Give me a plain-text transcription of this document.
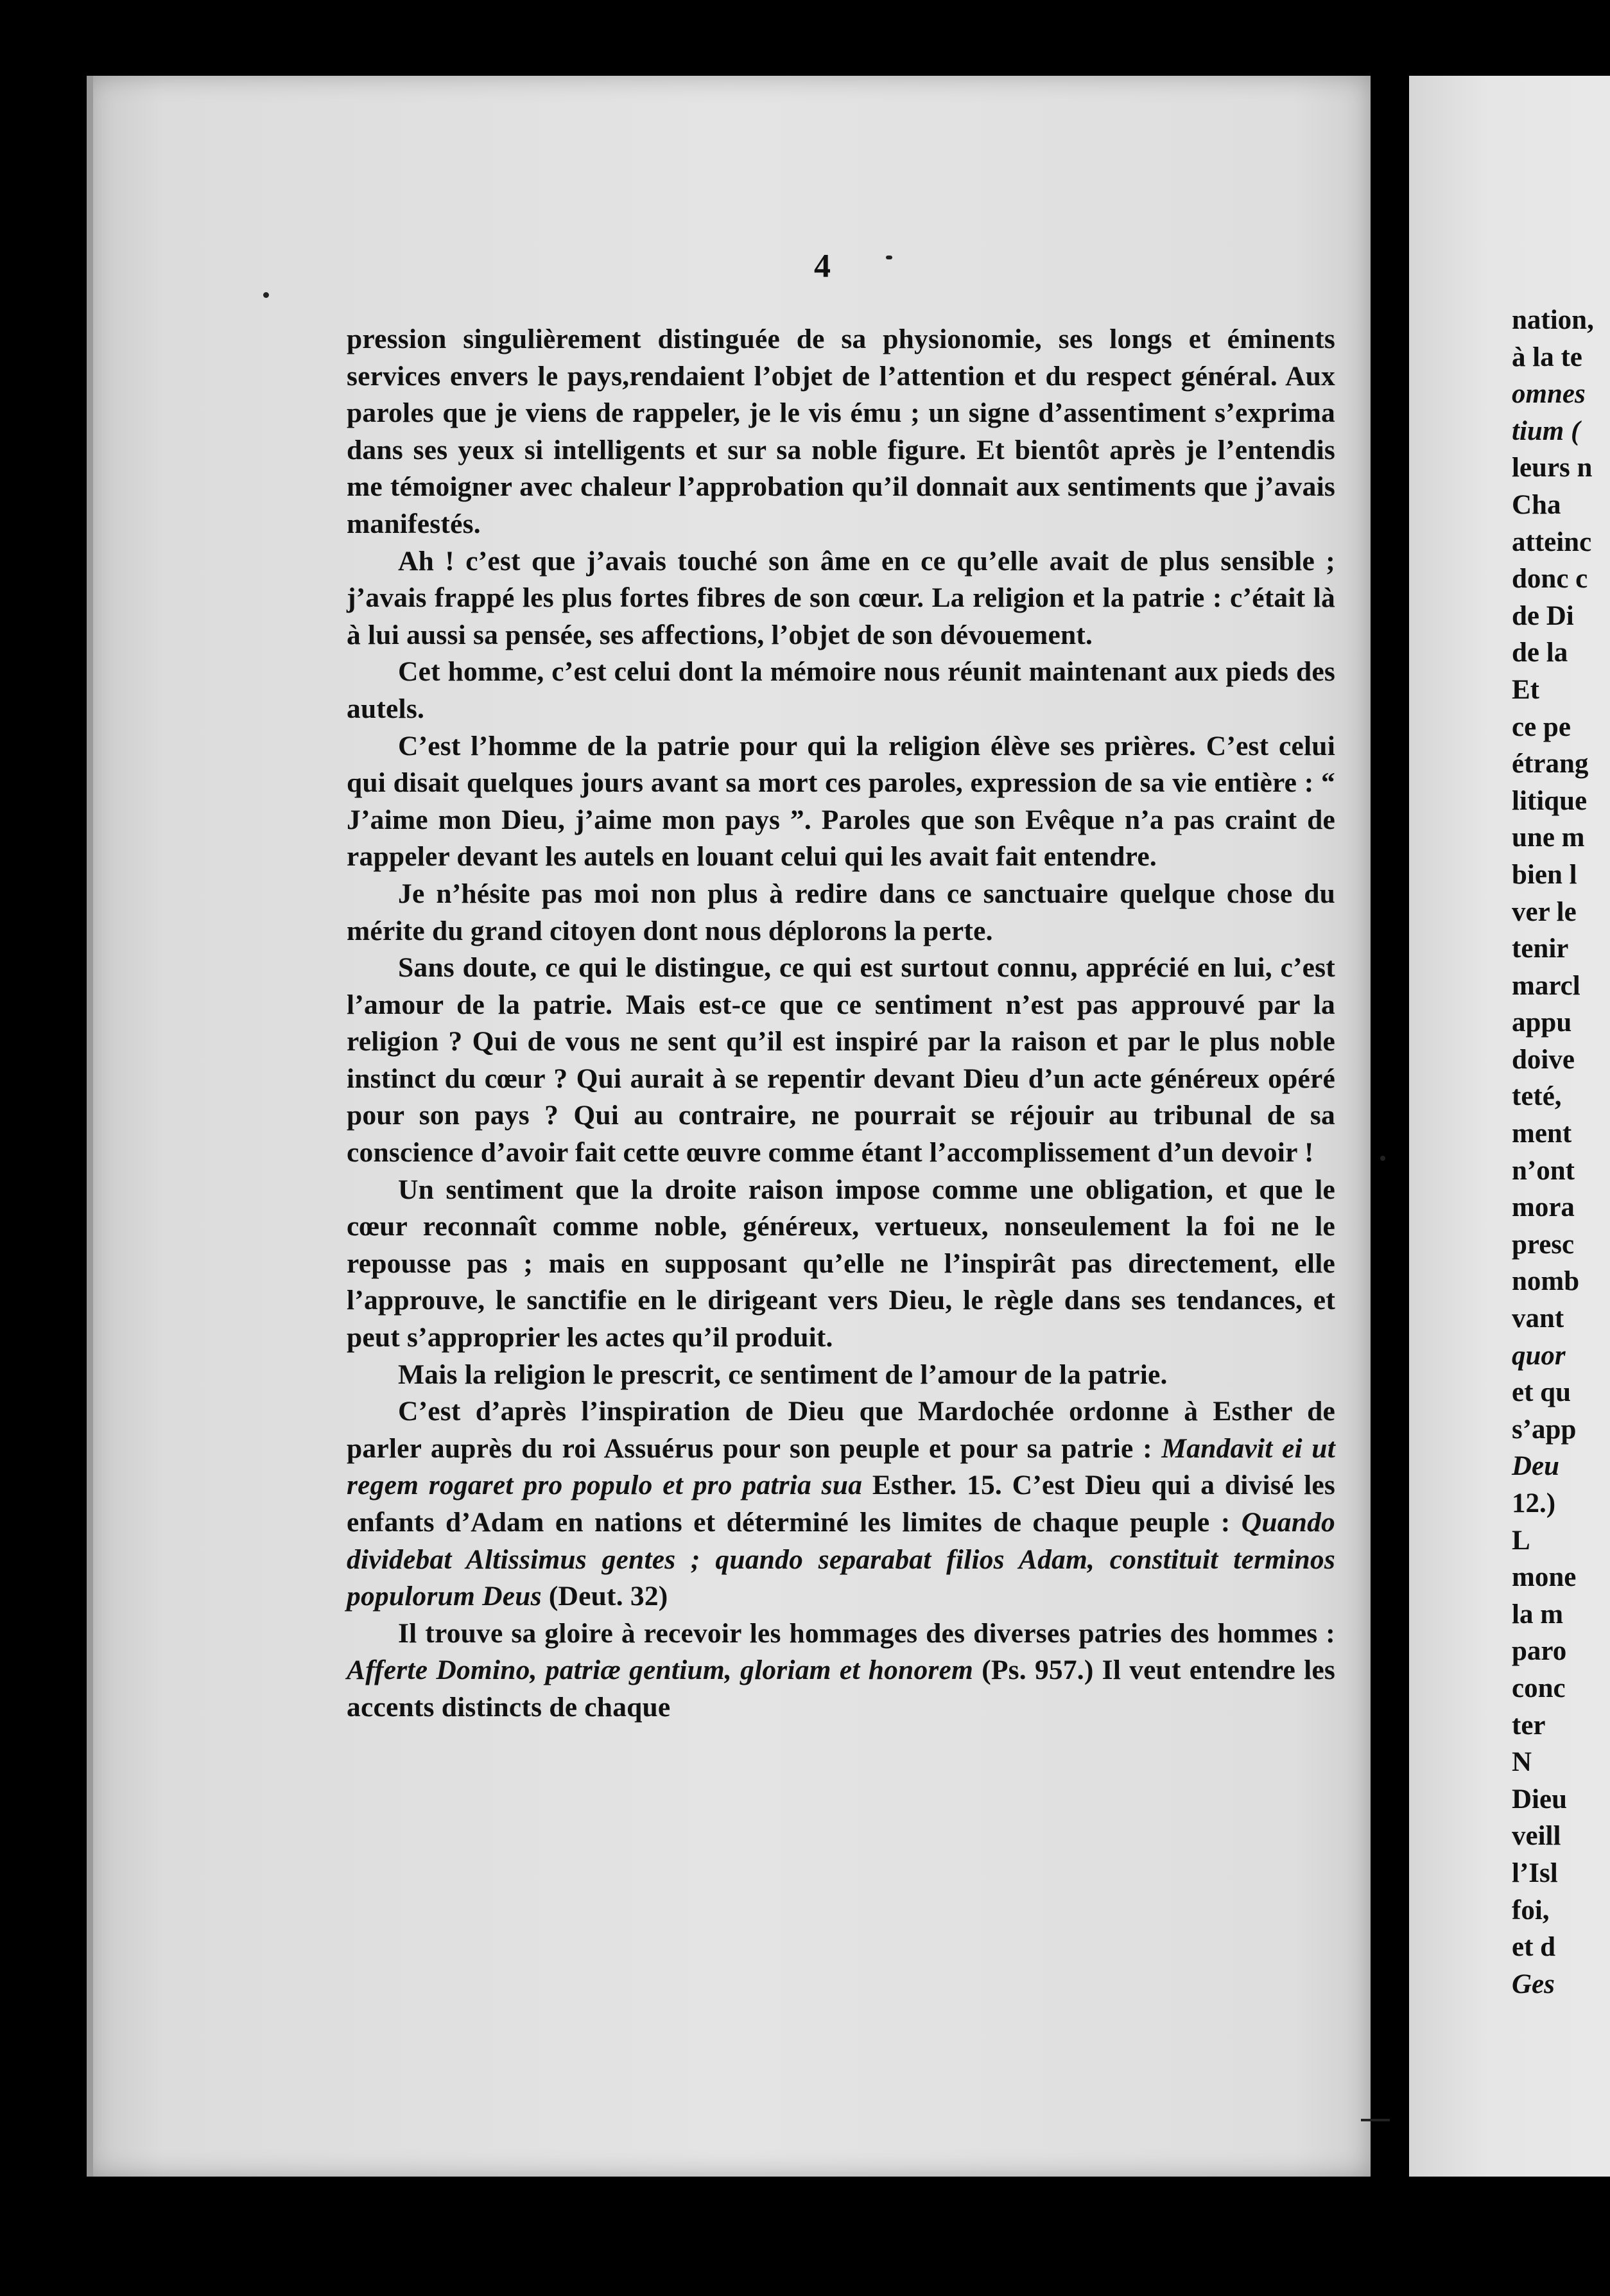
4

pression singulièrement distinguée de sa physionomie, ses longs et éminents services envers le pays,rendaient l’objet de l’attention et du respect général. Aux paroles que je viens de rappeler, je le vis ému ; un signe d’assentiment s’exprima dans ses yeux si intelligents et sur sa noble figure. Et bientôt après je l’entendis me témoigner avec chaleur l’approbation qu’il donnait aux sentiments que j’avais manifestés.

Ah ! c’est que j’avais touché son âme en ce qu’elle avait de plus sensible ; j’avais frappé les plus fortes fibres de son cœur. La religion et la patrie : c’était là à lui aussi sa pensée, ses affections, l’objet de son dévouement.

Cet homme, c’est celui dont la mémoire nous réunit maintenant aux pieds des autels.

C’est l’homme de la patrie pour qui la religion élève ses prières. C’est celui qui disait quelques jours avant sa mort ces paroles, expression de sa vie entière : “ J’aime mon Dieu, j’aime mon pays ”. Paroles que son Evêque n’a pas craint de rappeler devant les autels en louant celui qui les avait fait entendre.

Je n’hésite pas moi non plus à redire dans ce sanctuaire quelque chose du mérite du grand citoyen dont nous déplorons la perte.

Sans doute, ce qui le distingue, ce qui est surtout connu, apprécié en lui, c’est l’amour de la patrie. Mais est-ce que ce sentiment n’est pas approuvé par la religion ? Qui de vous ne sent qu’il est inspiré par la raison et par le plus noble instinct du cœur ? Qui aurait à se repentir devant Dieu d’un acte généreux opéré pour son pays ? Qui au contraire, ne pourrait se réjouir au tribunal de sa conscience d’avoir fait cette œuvre comme étant l’accomplissement d’un devoir !

Un sentiment que la droite raison impose comme une obligation, et que le cœur reconnaît comme noble, généreux, vertueux, nonseulement la foi ne le repousse pas ; mais en supposant qu’elle ne l’inspirât pas directement, elle l’approuve, le sanctifie en le dirigeant vers Dieu, le règle dans ses tendances, et peut s’approprier les actes qu’il produit.

Mais la religion le prescrit, ce sentiment de l’amour de la patrie.

C’est d’après l’inspiration de Dieu que Mardochée ordonne à Esther de parler auprès du roi Assuérus pour son peuple et pour sa patrie : Mandavit ei ut regem rogaret pro populo et pro patria sua Esther. 15. C’est Dieu qui a divisé les enfants d’Adam en nations et déterminé les limites de chaque peuple : Quando dividebat Altissimus gentes ; quando separabat filios Adam, constituit terminos populorum Deus (Deut. 32)

Il trouve sa gloire à recevoir les hommages des diverses patries des hommes : Afferte Domino, patriæ gentium, gloriam et honorem (Ps. 957.) Il veut entendre les accents distincts de chaque

nation,
à la te
omnes
tium (
leurs n
Cha
atteinc
donc c
de Di
de la
Et
ce pe
étrang
litique
une m
bien l
ver le
tenir
marcl
appu
doive
teté,
ment
n’ont
mora
presc
nomb
vant
quor
et qu
s’app
Deu
12.)
L
mone
la m
paro
conc
ter
N
Dieu
veill
l’Isl
foi,
et d
Ges
